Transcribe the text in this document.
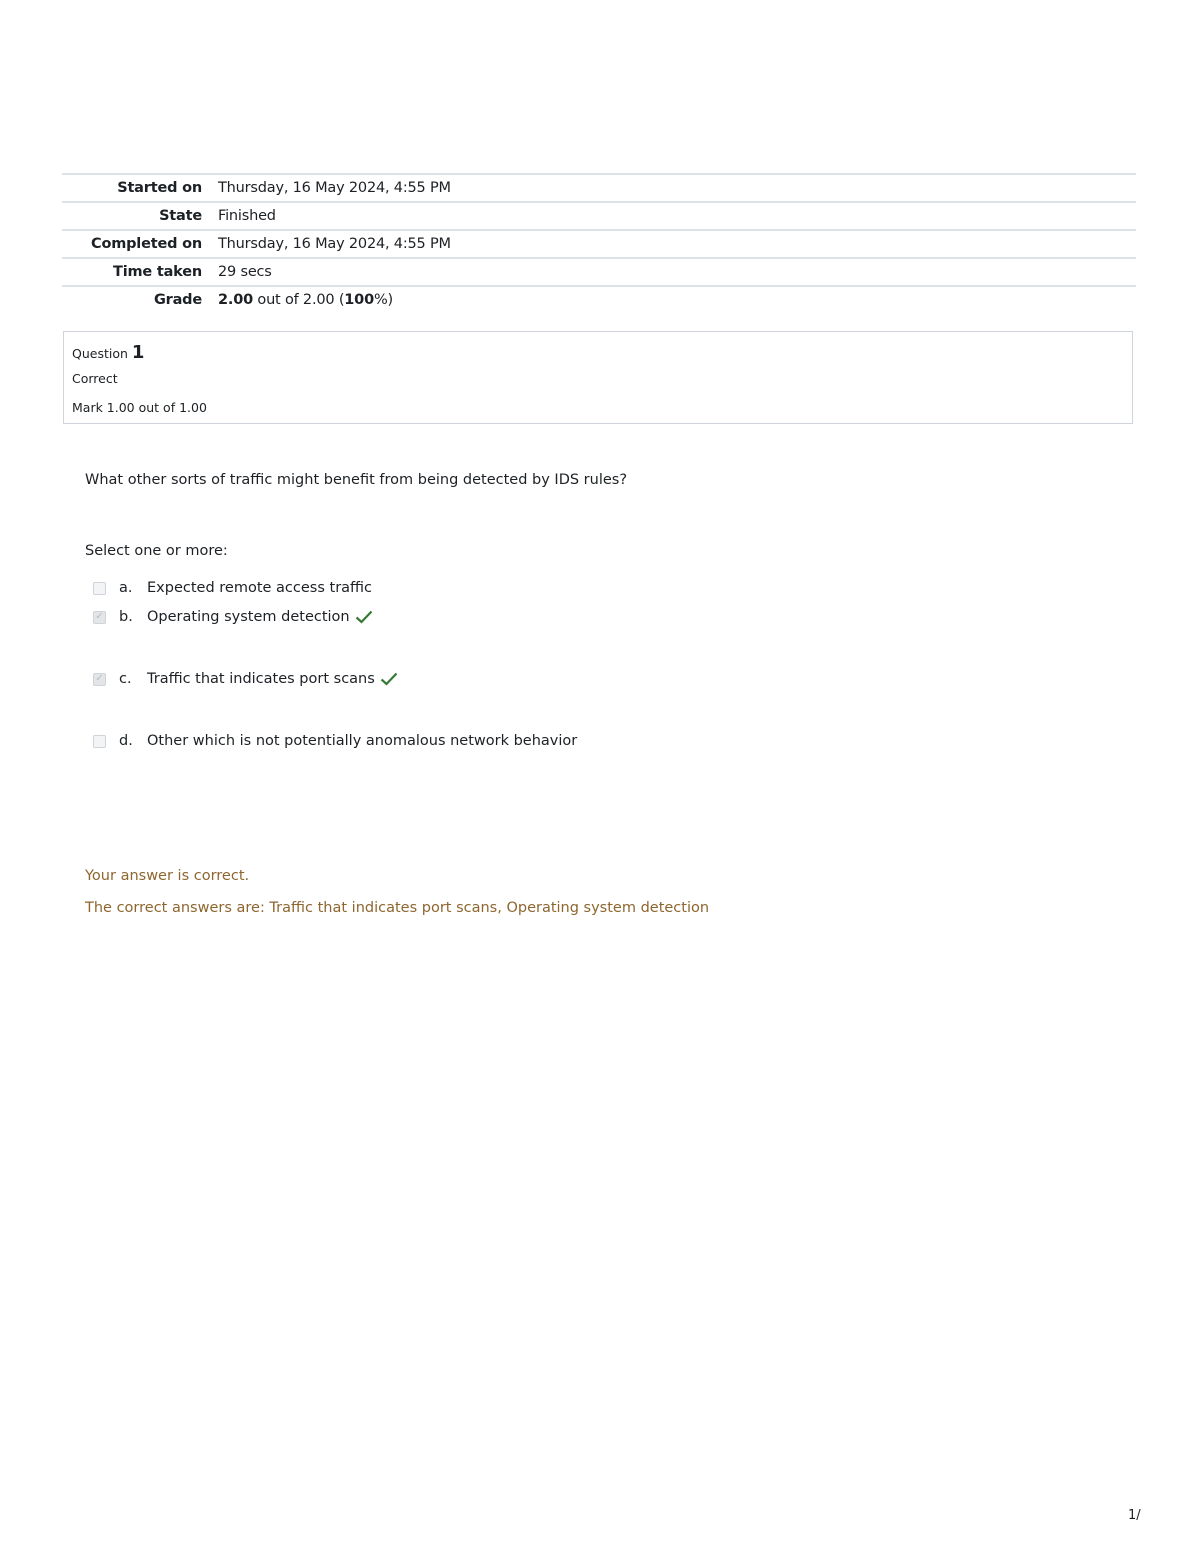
Started on	Thursday, 16 May 2024, 4:55 PM
State	Finished
Completed on	Thursday, 16 May 2024, 4:55 PM
Time taken	29 secs
Grade	2.00 out of 2.00 (100%)
Question 1
Correct
Mark 1.00 out of 1.00
What other sorts of traffic might benefit from being detected by IDS rules?
Select one or more:
a.	Expected remote access traffic
✓ b. Operating system detection
✓ c.	Traffic that indicates port scans
d. Other which is not potentially anomalous network behavior
Your answer is correct.
The correct answers are: Traffic that indicates port scans, Operating system detection
1/
